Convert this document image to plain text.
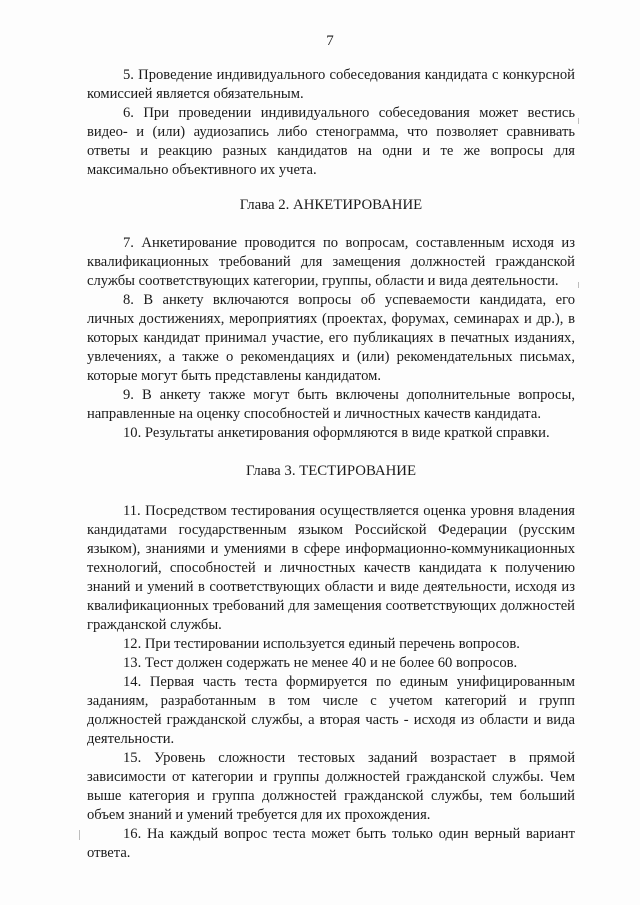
7

5. Проведение индивидуального собеседования кандидата с конкурсной комиссией является обязательным.

6. При проведении индивидуального собеседования может вестись видео- и (или) аудиозапись либо стенограмма, что позволяет сравнивать ответы и реакцию разных кандидатов на одни и те же вопросы для максимально объективного их учета.

Глава 2. АНКЕТИРОВАНИЕ

7. Анкетирование проводится по вопросам, составленным исходя из квалификационных требований для замещения должностей гражданской службы соответствующих категории, группы, области и вида деятельности.

8. В анкету включаются вопросы об успеваемости кандидата, его личных достижениях, мероприятиях (проектах, форумах, семинарах и др.), в которых кандидат принимал участие, его публикациях в печатных изданиях, увлечениях, а также о рекомендациях и (или) рекомендательных письмах, которые могут быть представлены кандидатом.

9. В анкету также могут быть включены дополнительные вопросы, направленные на оценку способностей и личностных качеств кандидата.

10. Результаты анкетирования оформляются в виде краткой справки.

Глава 3. ТЕСТИРОВАНИЕ

11. Посредством тестирования осуществляется оценка уровня владения кандидатами государственным языком Российской Федерации (русским языком), знаниями и умениями в сфере информационно-коммуникационных технологий, способностей и личностных качеств кандидата к получению знаний и умений в соответствующих области и виде деятельности, исходя из квалификационных требований для замещения соответствующих должностей гражданской службы.

12. При тестировании используется единый перечень вопросов.

13. Тест должен содержать не менее 40 и не более 60 вопросов.

14. Первая часть теста формируется по единым унифицированным заданиям, разработанным в том числе с учетом категорий и групп должностей гражданской службы, а вторая часть - исходя из области и вида деятельности.

15. Уровень сложности тестовых заданий возрастает в прямой зависимости от категории и группы должностей гражданской службы. Чем выше категория и группа должностей гражданской службы, тем больший объем знаний и умений требуется для их прохождения.

16. На каждый вопрос теста может быть только один верный вариант ответа.
